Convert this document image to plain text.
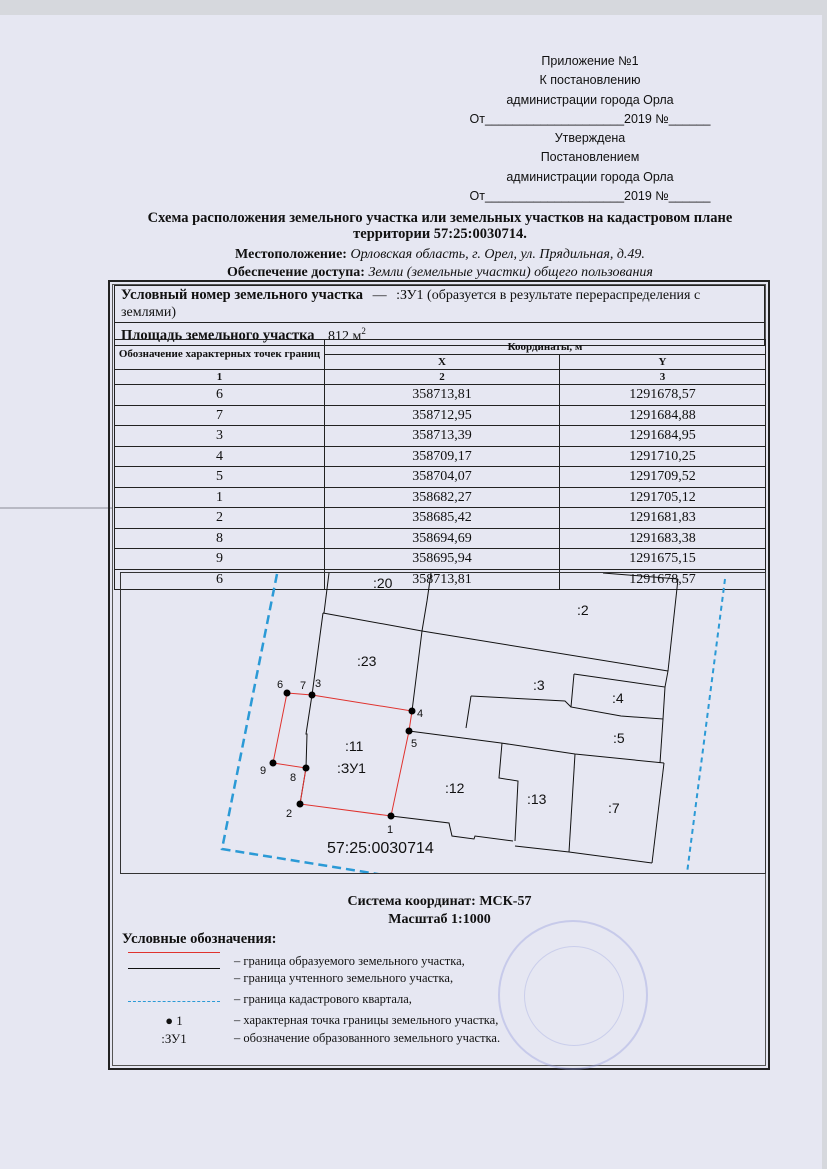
Приложение №1
К постановлению
администрации города Орла
От____________________2019 №______
Утверждена
Постановлением
администрации города Орла
От____________________2019 №______
Схема расположения земельного участка или земельных участков на кадастровом плане
территории 57:25:0030714.
Местоположение: Орловская область, г. Орел, ул. Прядильная, д.49.
Обеспечение доступа: Земли (земельные участки) общего пользования
Условный номер земельного участка — :ЗУ1 (образуется в результате перераспределения с землями)
Площадь земельного участка 812 $м^2$
Обозначение характерных точек границ	Координаты, м	
	X	Y
1	2	3
6	358713,81	1291678,57
7	358712,95	1291684,88
3	358713,39	1291684,95
4	358709,17	1291710,25
5	358704,07	1291709,52
1	358682,27	1291705,12
2	358685,42	1291681,83
8	358694,69	1291683,38
9	358695,94	1291675,15
6	358713,81	1291678,57
6 7 3
4
5
9
8
2
1
:20
:2
:23
:3
:4
:5
:11
:ЗУ1
:12
:13
:7
57:25:0030714
Система координат: МСК-57
Масштаб 1:1000
Условные обозначения:
– граница образуемого земельного участка,
– граница учтенного земельного участка,
– граница кадастрового квартала,
● 1	– характерная точка границы земельного участка,
:ЗУ1	– обозначение образованного земельного участка.
